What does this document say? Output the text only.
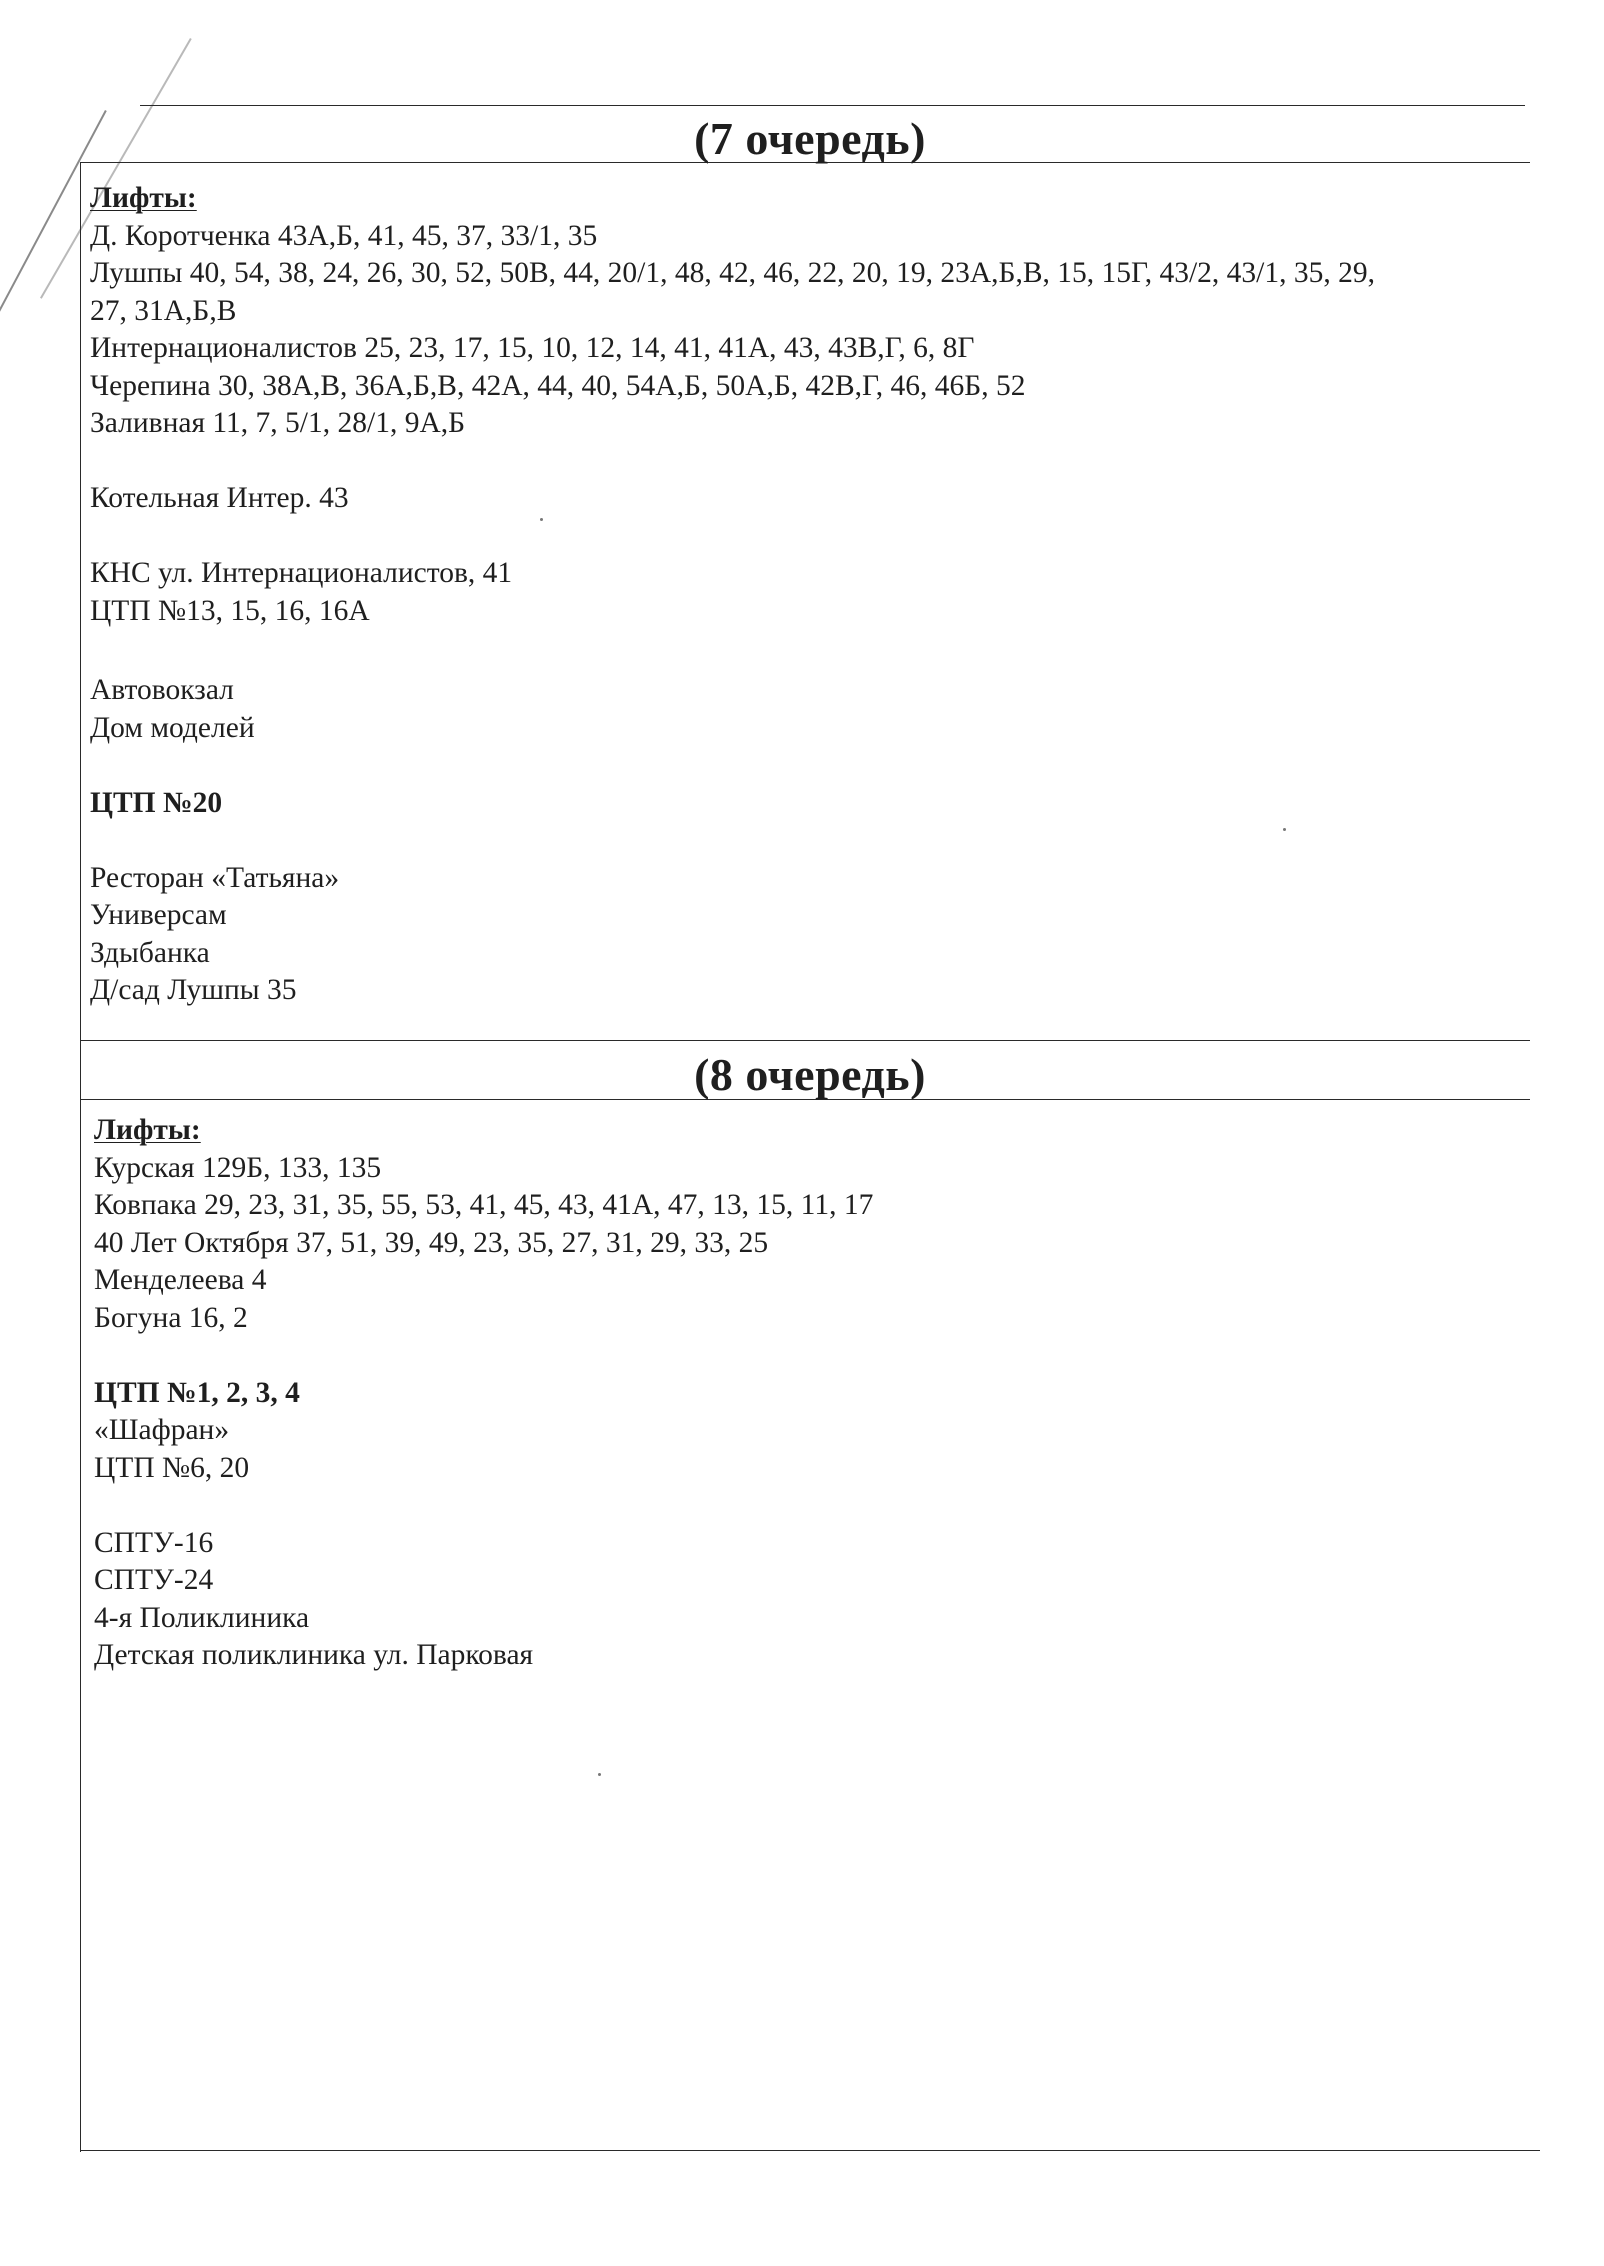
(7 очередь)
Лифты:
Д. Коротченка 43А,Б, 41, 45, 37, 33/1, 35
Лушпы 40, 54, 38, 24, 26, 30, 52, 50В, 44, 20/1, 48, 42, 46, 22, 20, 19, 23А,Б,В, 15, 15Г, 43/2, 43/1, 35, 29,
27, 31А,Б,В
Интернационалистов 25, 23, 17, 15, 10, 12, 14, 41, 41А, 43, 43В,Г, 6, 8Г
Черепина 30, 38А,В, 36А,Б,В, 42А, 44, 40, 54А,Б, 50А,Б, 42В,Г, 46, 46Б, 52
Заливная 11, 7, 5/1, 28/1, 9А,Б
Котельная Интер. 43
КНС ул. Интернационалистов, 41
ЦТП №13, 15, 16, 16А
Автовокзал
Дом моделей
ЦТП №20
Ресторан «Татьяна»
Универсам
Здыбанка
Д/сад Лушпы 35
(8 очередь)
Лифты:
Курская 129Б, 133, 135
Ковпака 29, 23, 31, 35, 55, 53, 41, 45, 43, 41А, 47, 13, 15, 11, 17
40 Лет Октября 37, 51, 39, 49, 23, 35, 27, 31, 29, 33, 25
Менделеева 4
Богуна 16, 2
ЦТП №1, 2, 3, 4
«Шафран»
ЦТП №6, 20
СПТУ-16
СПТУ-24
4-я Поликлиника
Детская поликлиника ул. Парковая
